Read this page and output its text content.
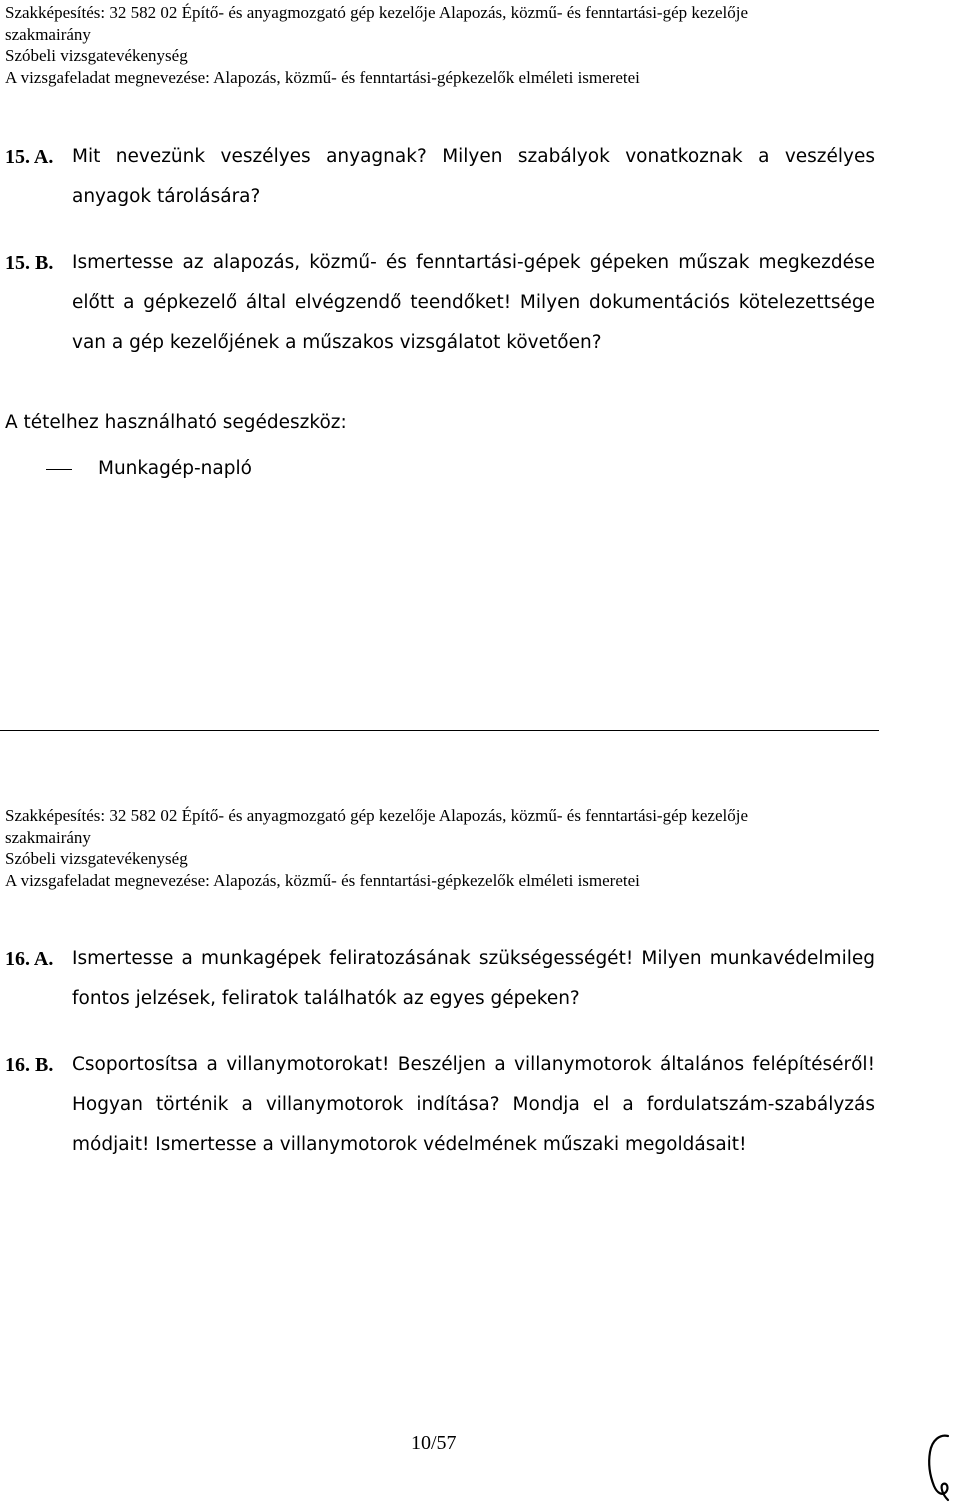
Szakképesítés: 32 582 02 Építő- és anyagmozgató gép kezelője Alapozás, közmű- és fenntartási-gép kezelője
szakmairány
Szóbeli vizsgatevékenység
A vizsgafeladat megnevezése: Alapozás, közmű- és fenntartási-gépkezelők elméleti ismeretei
15. A. Mit nevezünk veszélyes anyagnak? Milyen szabályok vonatkoznak a veszélyes anyagok tárolására?
15. B. Ismertesse az alapozás, közmű- és fenntartási-gépek gépeken műszak megkezdése előtt a gépkezelő által elvégzendő teendőket! Milyen dokumentációs kötelezettsége van a gép kezelőjének a műszakos vizsgálatot követően?
A tételhez használható segédeszköz:
Munkagép-napló
Szakképesítés: 32 582 02 Építő- és anyagmozgató gép kezelője Alapozás, közmű- és fenntartási-gép kezelője
szakmairány
Szóbeli vizsgatevékenység
A vizsgafeladat megnevezése: Alapozás, közmű- és fenntartási-gépkezelők elméleti ismeretei
16. A. Ismertesse a munkagépek feliratozásának szükségességét! Milyen munkavédelmileg fontos jelzések, feliratok találhatók az egyes gépeken?
16. B. Csoportosítsa a villanymotorokat! Beszéljen a villanymotorok általános felépítéséről! Hogyan történik a villanymotorok indítása? Mondja el a fordulatszám-szabályzás módjait! Ismertesse a villanymotorok védelmének műszaki megoldásait!
10/57
